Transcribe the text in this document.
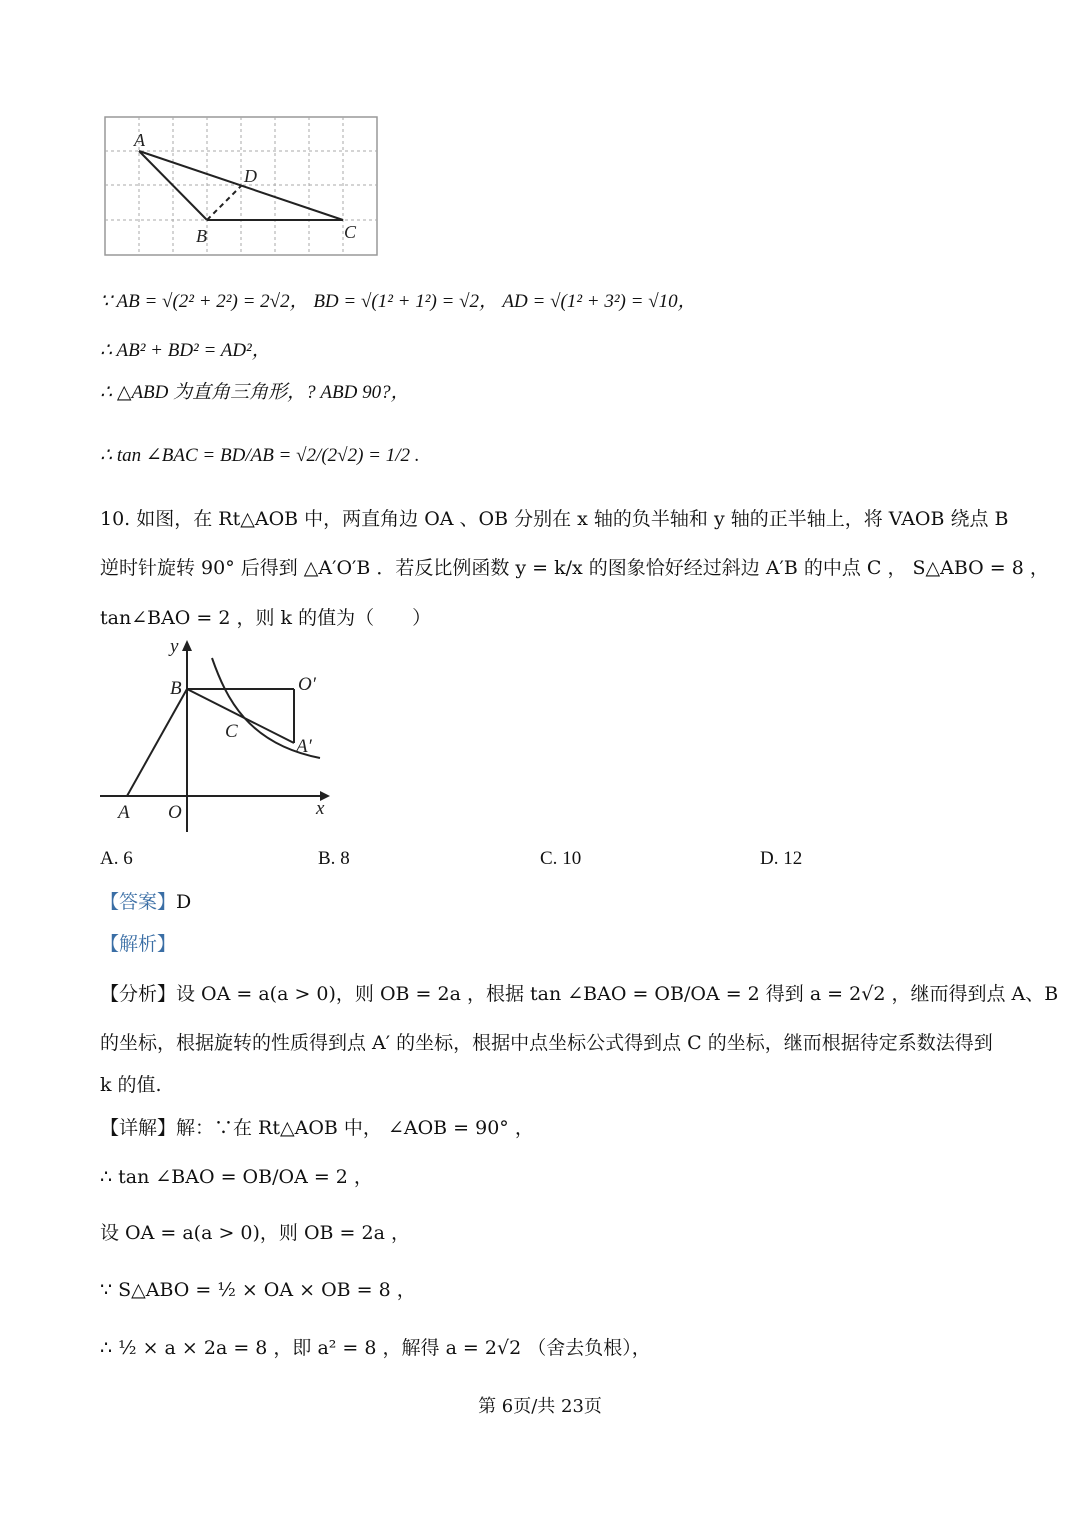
A
B	C
D
∵ AB = √(2² + 2²) = 2√2， BD = √(1² + 1²) = √2， AD = √(1² + 3²) = √10，
∴ AB² + BD² = AD²，
∴ △ABD 为直角三角形，? ABD 90?，
∴ tan ∠BAC = BD/AB = √2/(2√2) = 1/2 .
10. 如图，在 Rt△AOB 中，两直角边 OA 、OB 分别在 x 轴的负半轴和 y 轴的正半轴上，将 VAOB 绕点 B
逆时针旋转 90° 后得到 △A′O′B ．若反比例函数 y = k/x 的图象恰好经过斜边 A′B 的中点 C ， S△ABO = 8 ，
tan∠BAO = 2 ，则 k 的值为（　　）
y
x
B	O′
C
A′
A O
A. 6	B. 8	C. 10	D. 12
【答案】D
【解析】
【分析】设 OA = a(a > 0)，则 OB = 2a ，根据 tan ∠BAO = OB/OA = 2 得到 a = 2√2 ，继而得到点 A、B
的坐标，根据旋转的性质得到点 A′ 的坐标，根据中点坐标公式得到点 C 的坐标，继而根据待定系数法得到
k 的值.
【详解】解：∵在 Rt△AOB 中， ∠AOB = 90° ，
∴ tan ∠BAO = OB/OA = 2 ，
设 OA = a(a > 0)，则 OB = 2a ，
∵ S△ABO = ½ × OA × OB = 8 ，
∴ ½ × a × 2a = 8 ，即 a² = 8 ，解得 a = 2√2 （舍去负根），
第 6页/共 23页
